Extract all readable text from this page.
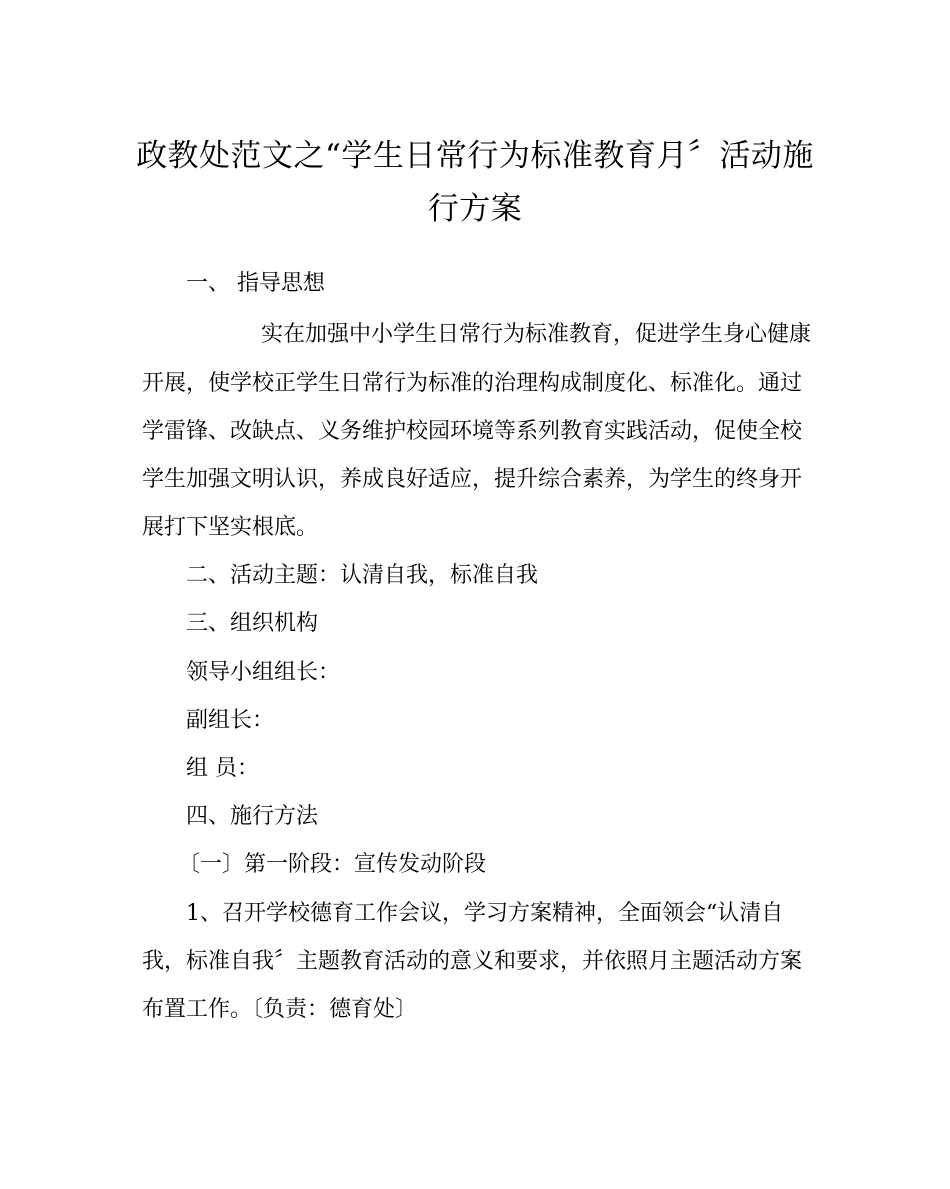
政教处范文之“学生日常行为标准教育月〞活动施行方案
一、 指导思想
实在加强中小学生日常行为标准教育，促进学生身心健康
开展，使学校正学生日常行为标准的治理构成制度化、标准化。通过
学雷锋、改缺点、义务维护校园环境等系列教育实践活动，促使全校
学生加强文明认识，养成良好适应，提升综合素养，为学生的终身开
展打下坚实根底。
二、活动主题：认清自我，标准自我
三、组织机构
领导小组组长：
副组长：
组 员：
四、施行方法
〔一〕第一阶段：宣传发动阶段
1、召开学校德育工作会议，学习方案精神，全面领会“认清自
我，标准自我〞主题教育活动的意义和要求，并依照月主题活动方案
布置工作。〔负责：德育处〕
